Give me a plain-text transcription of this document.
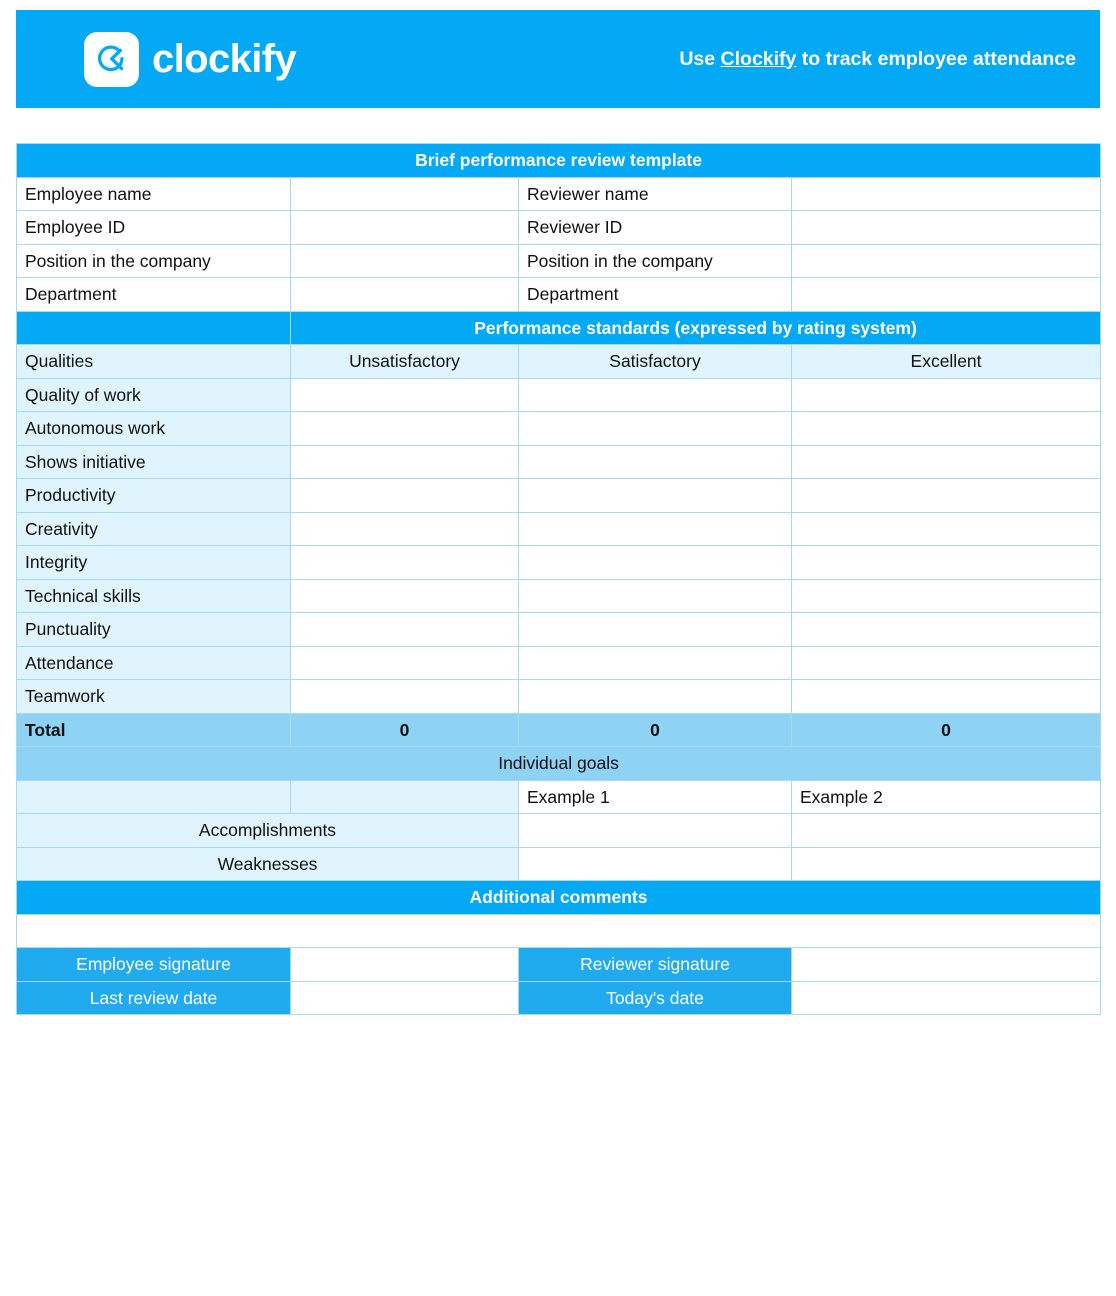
clockify	Use Clockify to track employee attendance
Brief performance review template			
Employee name		Reviewer name	
Employee ID		Reviewer ID	
Position in the company		Position in the company	
Department		Department	
	Performance standards (expressed by rating system)		
Qualities	Unsatisfactory	Satisfactory	Excellent
Quality of work			
Autonomous work			
Shows initiative			
Productivity			
Creativity			
Integrity			
Technical skills			
Punctuality			
Attendance			
Teamwork			
Total	0	0	0
Individual goals			
		Example 1	Example 2
Accomplishments			
Weaknesses			
Additional comments			

Employee signature		Reviewer signature	
Last review date		Today's date	
